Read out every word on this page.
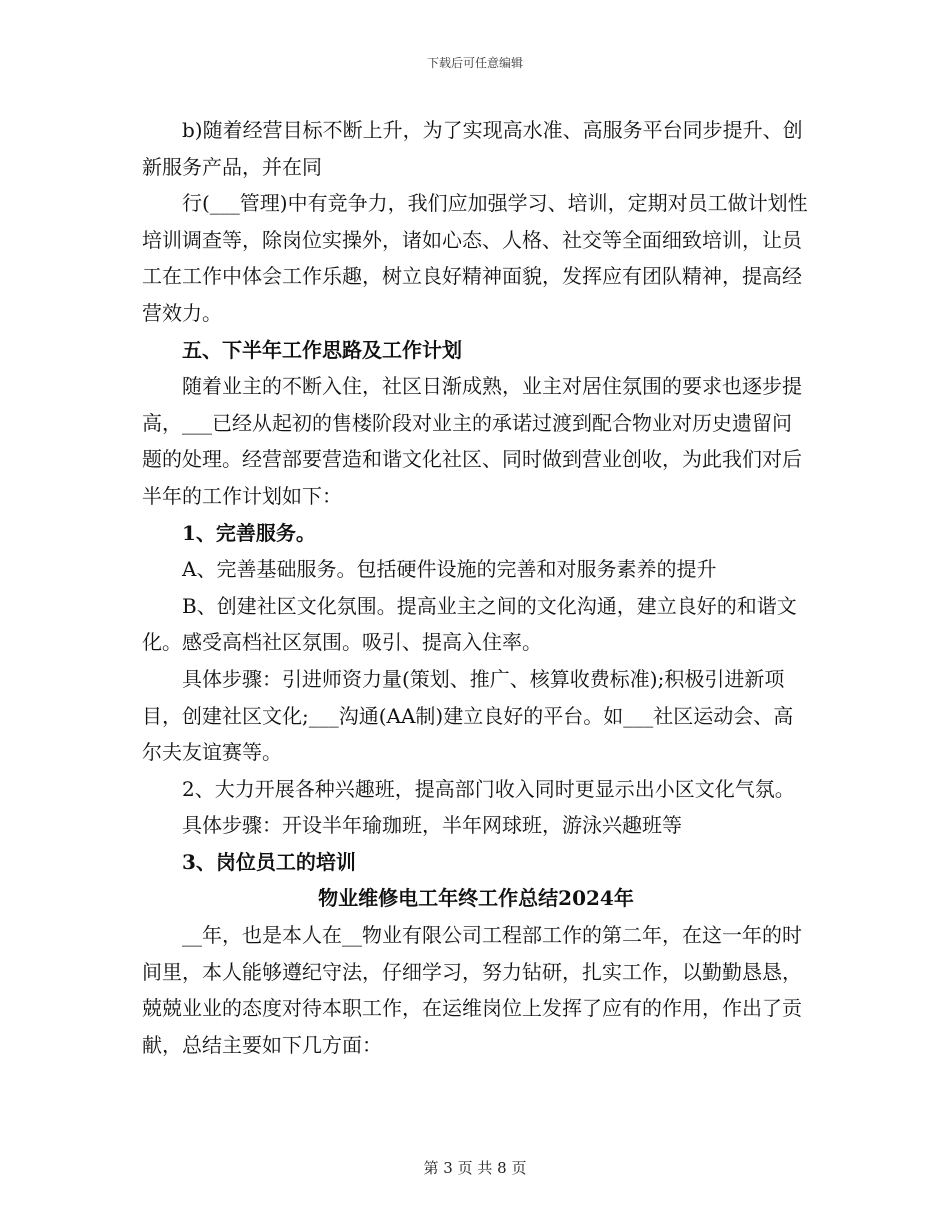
下载后可任意编辑

b)随着经营目标不断上升，为了实现高水准、高服务平台同步提升、创新服务产品，并在同

行(___管理)中有竞争力，我们应加强学习、培训，定期对员工做计划性培训调查等，除岗位实操外，诸如心态、人格、社交等全面细致培训，让员工在工作中体会工作乐趣，树立良好精神面貌，发挥应有团队精神，提高经营效力。

五、下半年工作思路及工作计划

随着业主的不断入住，社区日渐成熟，业主对居住氛围的要求也逐步提高，___已经从起初的售楼阶段对业主的承诺过渡到配合物业对历史遗留问题的处理。经营部要营造和谐文化社区、同时做到营业创收，为此我们对后半年的工作计划如下：

1、完善服务。

A、完善基础服务。包括硬件设施的完善和对服务素养的提升

B、创建社区文化氛围。提高业主之间的文化沟通，建立良好的和谐文化。感受高档社区氛围。吸引、提高入住率。

具体步骤：引进师资力量(策划、推广、核算收费标准);积极引进新项目，创建社区文化;___沟通(AA制)建立良好的平台。如___社区运动会、高尔夫友谊赛等。

2、大力开展各种兴趣班，提高部门收入同时更显示出小区文化气氛。

具体步骤：开设半年瑜珈班，半年网球班，游泳兴趣班等

3、岗位员工的培训

物业维修电工年终工作总结2024年

__年，也是本人在__物业有限公司工程部工作的第二年，在这一年的时间里，本人能够遵纪守法，仔细学习，努力钻研，扎实工作，以勤勤恳恳，兢兢业业的态度对待本职工作，在运维岗位上发挥了应有的作用，作出了贡献，总结主要如下几方面：

第 3 页 共 8 页
